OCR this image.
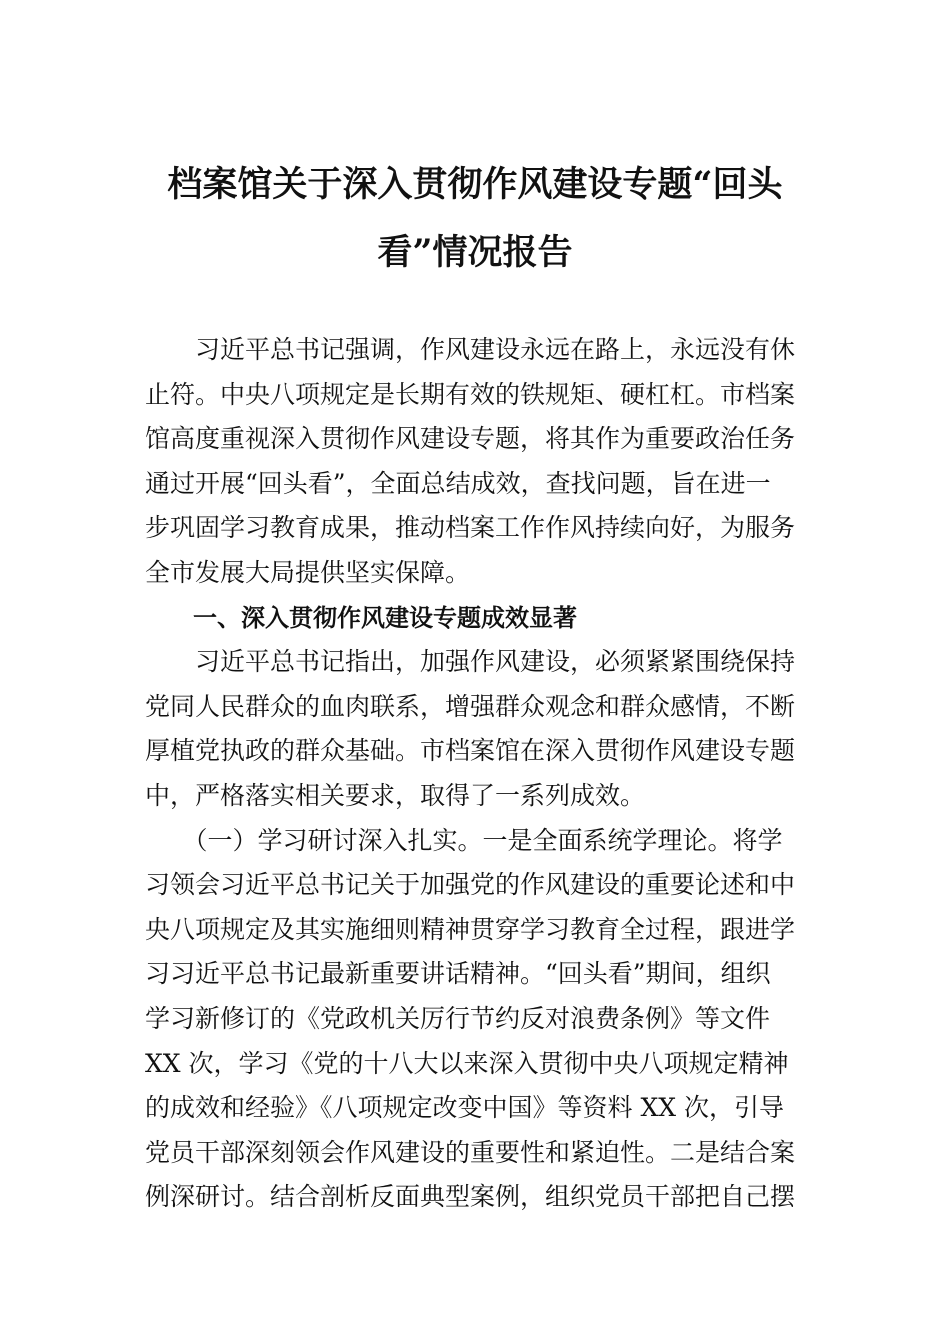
档案馆关于深入贯彻作风建设专题“回头
看”情况报告
　　习近平总书记强调，作风建设永远在路上，永远没有休
止符。中央八项规定是长期有效的铁规矩、硬杠杠。市档案
馆高度重视深入贯彻作风建设专题，将其作为重要政治任务
通过开展“回头看”，全面总结成效，查找问题，旨在进一
步巩固学习教育成果，推动档案工作作风持续向好，为服务
全市发展大局提供坚实保障。
　　一、深入贯彻作风建设专题成效显著
　　习近平总书记指出，加强作风建设，必须紧紧围绕保持
党同人民群众的血肉联系，增强群众观念和群众感情，不断
厚植党执政的群众基础。市档案馆在深入贯彻作风建设专题
中，严格落实相关要求，取得了一系列成效。
　　（一）学习研讨深入扎实。一是全面系统学理论。将学
习领会习近平总书记关于加强党的作风建设的重要论述和中
央八项规定及其实施细则精神贯穿学习教育全过程，跟进学
习习近平总书记最新重要讲话精神。“回头看”期间，组织
学习新修订的《党政机关厉行节约反对浪费条例》等文件
XX 次，学习《党的十八大以来深入贯彻中央八项规定精神
的成效和经验》《八项规定改变中国》等资料 XX 次，引导
党员干部深刻领会作风建设的重要性和紧迫性。二是结合案
例深研讨。结合剖析反面典型案例，组织党员干部把自己摆
